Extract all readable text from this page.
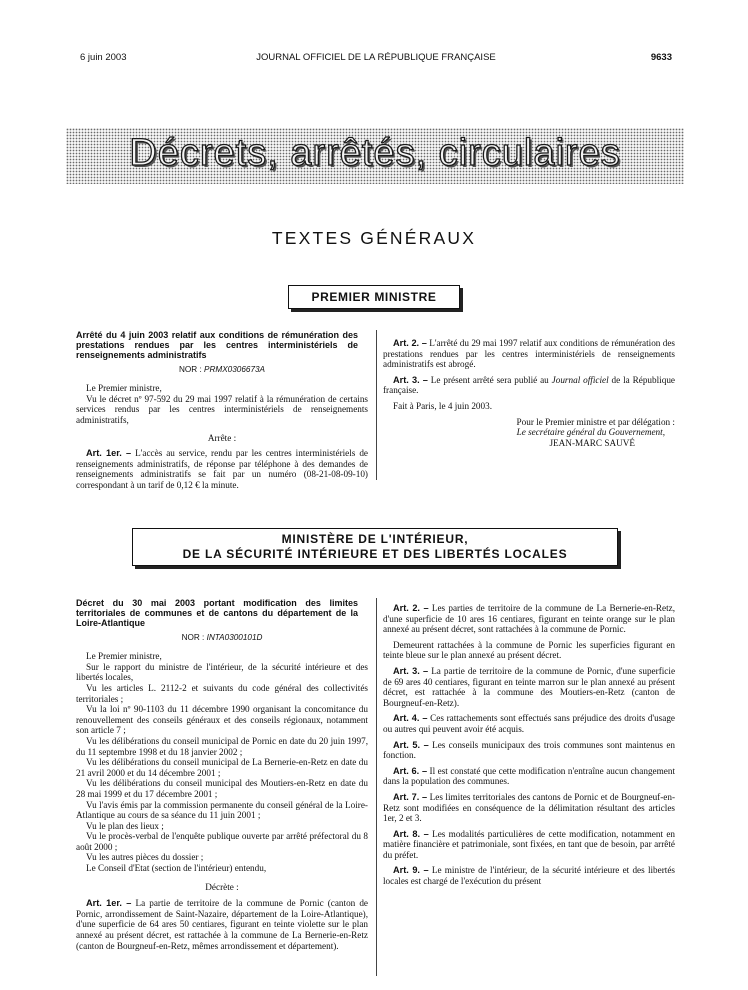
6 juin 2003	JOURNAL OFFICIEL DE LA RÉPUBLIQUE FRANÇAISE	9633
Décrets, arrêtés, circulaires
TEXTES GÉNÉRAUX
PREMIER MINISTRE

Arrêté du 4 juin 2003 relatif aux conditions de rémunération des prestations rendues par les centres interministériels de renseignements administratifs

NOR : PRMX0306673A

Le Premier ministre,

Vu le décret nº 97-592 du 29 mai 1997 relatif à la rémunération de certains services rendus par les centres interministériels de renseignements administratifs,

Arrête :

Art. 1er. – L'accès au service, rendu par les centres interministériels de renseignements administratifs, de réponse par téléphone à des demandes de renseignements administratifs se fait par un numéro (08-21-08-09-10) correspondant à un tarif de 0,12 € la minute.

Art. 2. – L'arrêté du 29 mai 1997 relatif aux conditions de rémunération des prestations rendues par les centres interministériels de renseignements administratifs est abrogé.

Art. 3. – Le présent arrêté sera publié au Journal officiel de la République française.

Fait à Paris, le 4 juin 2003.

Pour le Premier ministre et par délégation :

Le secrétaire général du Gouvernement,

JEAN-MARC SAUVÉ

MINISTÈRE DE L'INTÉRIEUR,
DE LA SÉCURITÉ INTÉRIEURE ET DES LIBERTÉS LOCALES

Décret du 30 mai 2003 portant modification des limites territoriales de communes et de cantons du département de la Loire-Atlantique

NOR : INTA0300101D

Le Premier ministre,

Sur le rapport du ministre de l'intérieur, de la sécurité intérieure et des libertés locales,

Vu les articles L. 2112-2 et suivants du code général des collectivités territoriales ;

Vu la loi nº 90-1103 du 11 décembre 1990 organisant la concomitance du renouvellement des conseils généraux et des conseils régionaux, notamment son article 7 ;

Vu les délibérations du conseil municipal de Pornic en date du 20 juin 1997, du 11 septembre 1998 et du 18 janvier 2002 ;

Vu les délibérations du conseil municipal de La Bernerie-en-Retz en date du 21 avril 2000 et du 14 décembre 2001 ;

Vu les délibérations du conseil municipal des Moutiers-en-Retz en date du 28 mai 1999 et du 17 décembre 2001 ;

Vu l'avis émis par la commission permanente du conseil général de la Loire-Atlantique au cours de sa séance du 11 juin 2001 ;

Vu le plan des lieux ;

Vu le procès-verbal de l'enquête publique ouverte par arrêté préfectoral du 8 août 2000 ;

Vu les autres pièces du dossier ;

Le Conseil d'Etat (section de l'intérieur) entendu,

Décrète :

Art. 1er. – La partie de territoire de la commune de Pornic (canton de Pornic, arrondissement de Saint-Nazaire, département de la Loire-Atlantique), d'une superficie de 64 ares 50 centiares, figurant en teinte violette sur le plan annexé au présent décret, est rattachée à la commune de La Bernerie-en-Retz (canton de Bourgneuf-en-Retz, mêmes arrondissement et département).

Art. 2. – Les parties de territoire de la commune de La Bernerie-en-Retz, d'une superficie de 10 ares 16 centiares, figurant en teinte orange sur le plan annexé au présent décret, sont rattachées à la commune de Pornic.

Demeurent rattachées à la commune de Pornic les superficies figurant en teinte bleue sur le plan annexé au présent décret.

Art. 3. – La partie de territoire de la commune de Pornic, d'une superficie de 69 ares 40 centiares, figurant en teinte marron sur le plan annexé au présent décret, est rattachée à la commune des Moutiers-en-Retz (canton de Bourgneuf-en-Retz).

Art. 4. – Ces rattachements sont effectués sans préjudice des droits d'usage ou autres qui peuvent avoir été acquis.

Art. 5. – Les conseils municipaux des trois communes sont maintenus en fonction.

Art. 6. – Il est constaté que cette modification n'entraîne aucun changement dans la population des communes.

Art. 7. – Les limites territoriales des cantons de Pornic et de Bourgneuf-en-Retz sont modifiées en conséquence de la délimitation résultant des articles 1er, 2 et 3.

Art. 8. – Les modalités particulières de cette modification, notamment en matière financière et patrimoniale, sont fixées, en tant que de besoin, par arrêté du préfet.

Art. 9. – Le ministre de l'intérieur, de la sécurité intérieure et des libertés locales est chargé de l'exécution du présent
